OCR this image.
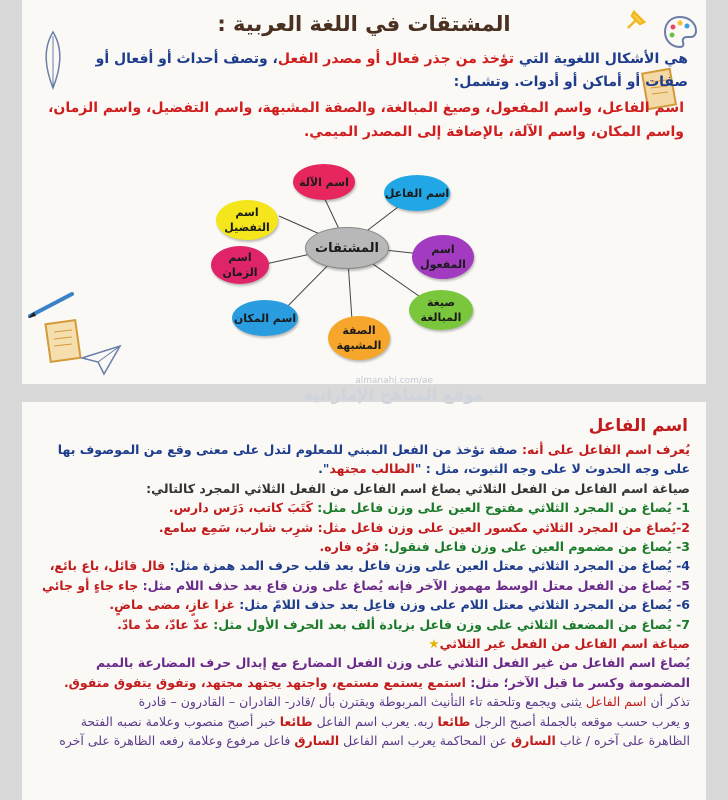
المشتقات في اللغة العربية :
هي الأشكال اللغوية التي تؤخذ من جذر فعال أو مصدر الفعل، وتصف أحداث أو أفعال أو صفات أو أماكن أو أدوات. وتشمل:
اسم الفاعل، واسم المفعول، وصيغ المبالغة، والصفة المشبهة، واسم التفضيل، واسم الزمان، واسم المكان، واسم الآلة، بالإضافة إلى المصدر الميمي.
اسم الآلة
اسم الفاعل
اسم التفضيل
اسم المفعول
اسم الزمان
صيغة المبالغة
اسم المكان
الصفة المشبهة
المشتقات
almanahj.com/ae
موقع المناهج الإماراتية
اسم الفاعل

يُعرف اسم الفاعل على أنه: صفة تؤخذ من الفعل المبني للمعلوم لتدل على معنى وقع من الموصوف بها على وجه الحدوث لا على وجه الثبوت، مثل : "الطالب مجتهد".

صياغة اسم الفاعل من الفعل الثلاثي يصاغ اسم الفاعل من الفعل الثلاثي المجرد كالتالي:

1- يُصاغ من المجرد الثلاثي مفتوح العين على وزن فاعل مثل: كَتَبَ كاتب، دَرَس دارس.

2-يُصاغ من المجرد الثلاثي مكسور العين على وزن فاعل مثل: شرِب شارب، سَمِع سامع.

3- يُصاغ من مضموم العين على وزن فاعل فنقول: فرُه فاره.

4- يُصاغ من المجرد الثلاثي معتل العين على وزن فاعل بعد قلب حرف المد همزة مثل: قال قائل، باع بائع،

5- يُصاغ من الفعل معتل الوسط مهموز الآخر فإنه يُصاغ على وزن فاع بعد حذف اللام مثل: جاء جاءٍ أو جائي

6- يُصاغ من المجرد الثلاثي معتل اللام على وزن فاعِل بعد حذف اللامً مثل: غزا غازٍ، مضى ماضٍ.

7- يُصاغ من المضعف الثلاثي على وزن فاعل بزيادة ألف بعد الحرف الأول مثل: عدّ عادّ، مدّ مادّ.

صياغة اسم الفاعل من الفعل غير الثلاثي★

يُصاغ اسم الفاعل من غير الفعل الثلاثي على وزن الفعل المضارع مع إبدال حرف المضارعة بالميم المضمومة وكسر ما قبل الآخر؛ مثل: استمع يستمع مستمع، واجتهد يجتهد مجتهد، وتفوق يتفوق متفوق.

تذكر أن اسم الفاعل يثنى ويجمع وتلحقه تاء التأنيث المربوطة ويقترن بأل /قادر- القادران – القادرون – قادرة

و يعرب حسب موقعه بالجملة أصبح الرجل طائعا ربه. يعرب اسم الفاعل طائعا خبر أصبح منصوب وعلامة نصبه الفتحة

الظاهرة على آخره / غاب السارق عن المحاكمة يعرب اسم الفاعل السارق فاعل مرفوع وعلامة رفعه الظاهرة على آخره
